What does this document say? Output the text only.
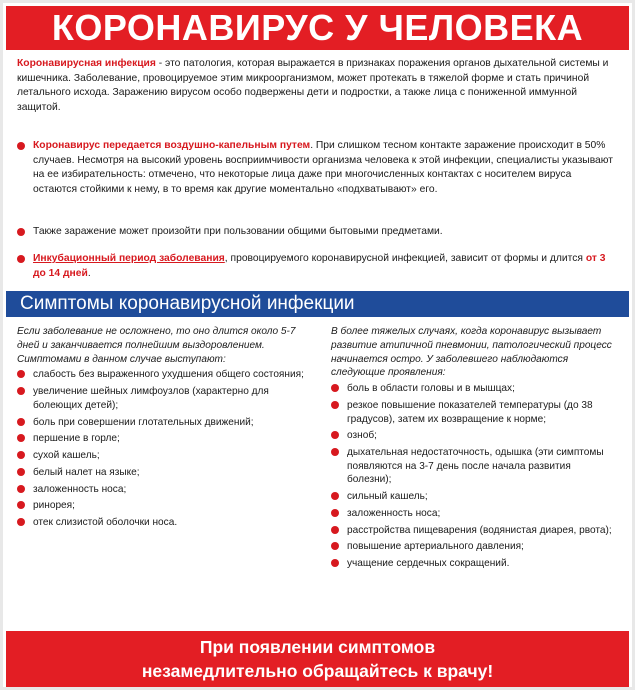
КОРОНАВИРУС У ЧЕЛОВЕКА
Коронавирусная инфекция - это патология, которая выражается в признаках поражения органов дыхательной системы и кишечника. Заболевание, провоцируемое этим микроорганизмом, может протекать в тяжелой форме и стать причиной летального исхода. Заражению вирусом особо подвержены дети и подростки, а также лица с пониженной иммунной защитой.
Коронавирус передается воздушно-капельным путем. При слишком тесном контакте заражение происходит в 50% случаев. Несмотря на высокий уровень восприимчивости организма человека к этой инфекции, специалисты указывают на ее избирательность: отмечено, что некоторые лица даже при многочисленных контактах с носителем вируса остаются стойкими к нему, в то время как другие моментально «подхватывают» его.
Также заражение может произойти при пользовании общими бытовыми предметами.
Инкубационный период заболевания, провоцируемого коронавирусной инфекцией, зависит от формы и длится от 3 до 14 дней.
Симптомы коронавирусной инфекции
Если заболевание не осложнено, то оно длится около 5-7 дней и заканчивается полнейшим выздоровлением. Симптомами в данном случае выступают:
слабость без выраженного ухудшения общего состояния;
увеличение шейных лимфоузлов (характерно для болеющих детей);
боль при совершении глотательных движений;
першение в горле;
сухой кашель;
белый налет на языке;
заложенность носа;
ринорея;
отек слизистой оболочки носа.
В более тяжелых случаях, когда коронавирус вызывает развитие атипичной пневмонии, патологический процесс начинается остро. У заболевшего наблюдаются следующие проявления:
боль в области головы и в мышцах;
резкое повышение показателей температуры (до 38 градусов), затем их возвращение к норме;
озноб;
дыхательная недостаточность, одышка (эти симптомы появляются на 3-7 день после начала развития болезни);
сильный кашель;
заложенность носа;
расстройства пищеварения (водянистая диарея, рвота);
повышение артериального давления;
учащение сердечных сокращений.
При появлении симптомов
незамедлительно обращайтесь к врачу!
